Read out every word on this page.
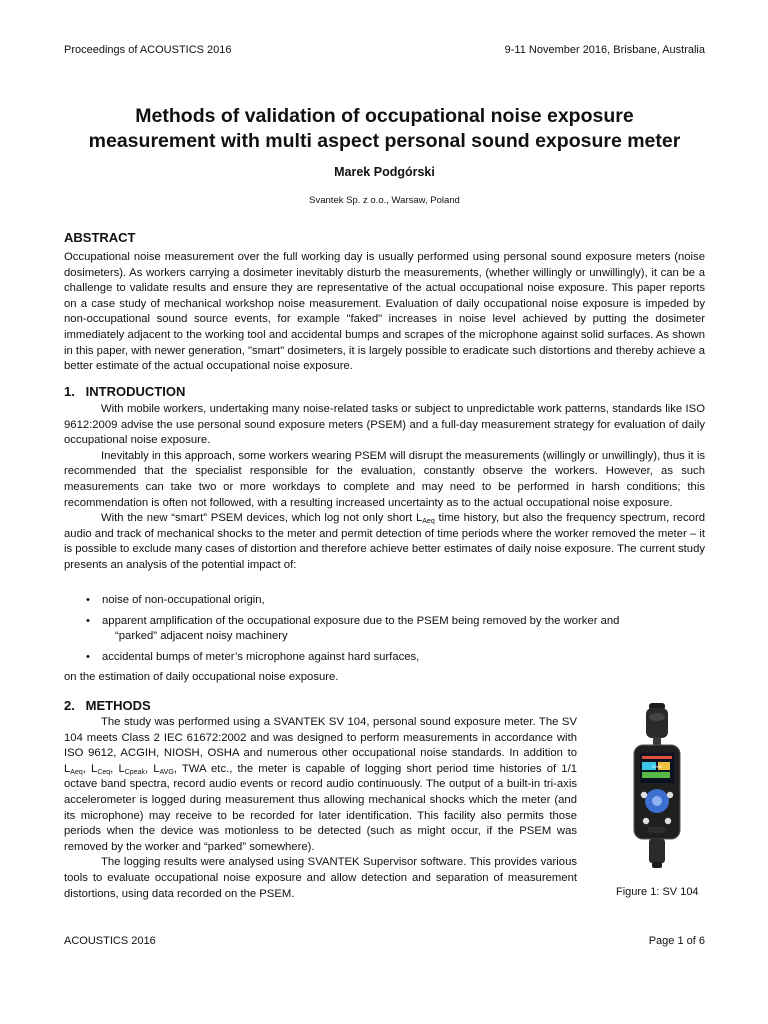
Proceedings of ACOUSTICS 2016	9-11 November 2016, Brisbane, Australia
Methods of validation of occupational noise exposure
measurement with multi aspect personal sound exposure meter
Marek Podgórski
Svantek Sp. z o.o., Warsaw, Poland
ABSTRACT

Occupational noise measurement over the full working day is usually performed using personal sound exposure meters (noise dosimeters). As workers carrying a dosimeter inevitably disturb the measurements, (whether willingly or unwillingly), it can be a challenge to validate results and ensure they are representative of the actual occupational noise exposure. This paper reports on a case study of mechanical workshop noise measurement. Evaluation of daily occupational noise exposure is impeded by non-occupational sound source events, for example "faked" increases in noise level achieved by putting the dosimeter immediately adjacent to the working tool and accidental bumps and scrapes of the microphone against solid surfaces. As shown in this paper, with newer generation, "smart" dosimeters, it is largely possible to eradicate such distortions and thereby achieve a better estimate of the actual occupational noise exposure.

1.   INTRODUCTION

With mobile workers, undertaking many noise-related tasks or subject to unpredictable work patterns, standards like ISO 9612:2009 advise the use personal sound exposure meters (PSEM) and a full-day measurement strategy for evaluation of daily occupational noise exposure.
Inevitably in this approach, some workers wearing PSEM will disrupt the measurements (willingly or unwillingly), thus it is recommended that the specialist responsible for the evaluation, constantly observe the workers. However, as such measurements can take two or more workdays to complete and may need to be performed in harsh conditions; this recommendation is often not followed, with a resulting increased uncertainty as to the actual occupational noise exposure.
With the new “smart” PSEM devices, which log not only short $L_{Aeq}$ time history, but also the frequency spectrum, record audio and track of mechanical shocks to the meter and permit detection of time periods where the worker removed the meter – it is possible to exclude many cases of distortion and therefore achieve better estimates of daily noise exposure. The current study presents an analysis of the potential impact of:

• noise of non-occupational origin,
• apparent amplification of the occupational exposure due to the PSEM being removed by the worker and
“parked” adjacent noisy machinery
• accidental bumps of meter’s microphone against hard surfaces,

on the estimation of daily occupational noise exposure.

2.   METHODS

The study was performed using a SVANTEK SV 104, personal sound exposure meter. The SV 104 meets Class 2 IEC 61672:2002 and was designed to perform measurements in accordance with ISO 9612, ACGIH, NIOSH, OSHA and numerous other occupational noise standards. In addition to $L_{Aeq}$, $L_{Ceq}$, $L_{Cpeak}$, $L_{AVG}$, TWA etc., the meter is capable of logging short period time histories of 1/1 octave band spectra, record audio events or record audio continuously. The output of a built-in tri-axis accelerometer is logged during measurement thus allowing mechanical shocks which the meter (and its microphone) may receive to be recorded for later identification. This facility also permits those periods when the device was motionless to be detected (such as might occur, if the PSEM was removed by the worker and “parked” somewhere).
The logging results were analysed using SVANTEK Supervisor software. This provides various tools to evaluate occupational noise exposure and allow detection and separation of measurement distortions, using data recorded on the PSEM.

SVAN
Figure 1: SV 104
ACOUSTICS 2016	Page 1 of 6
